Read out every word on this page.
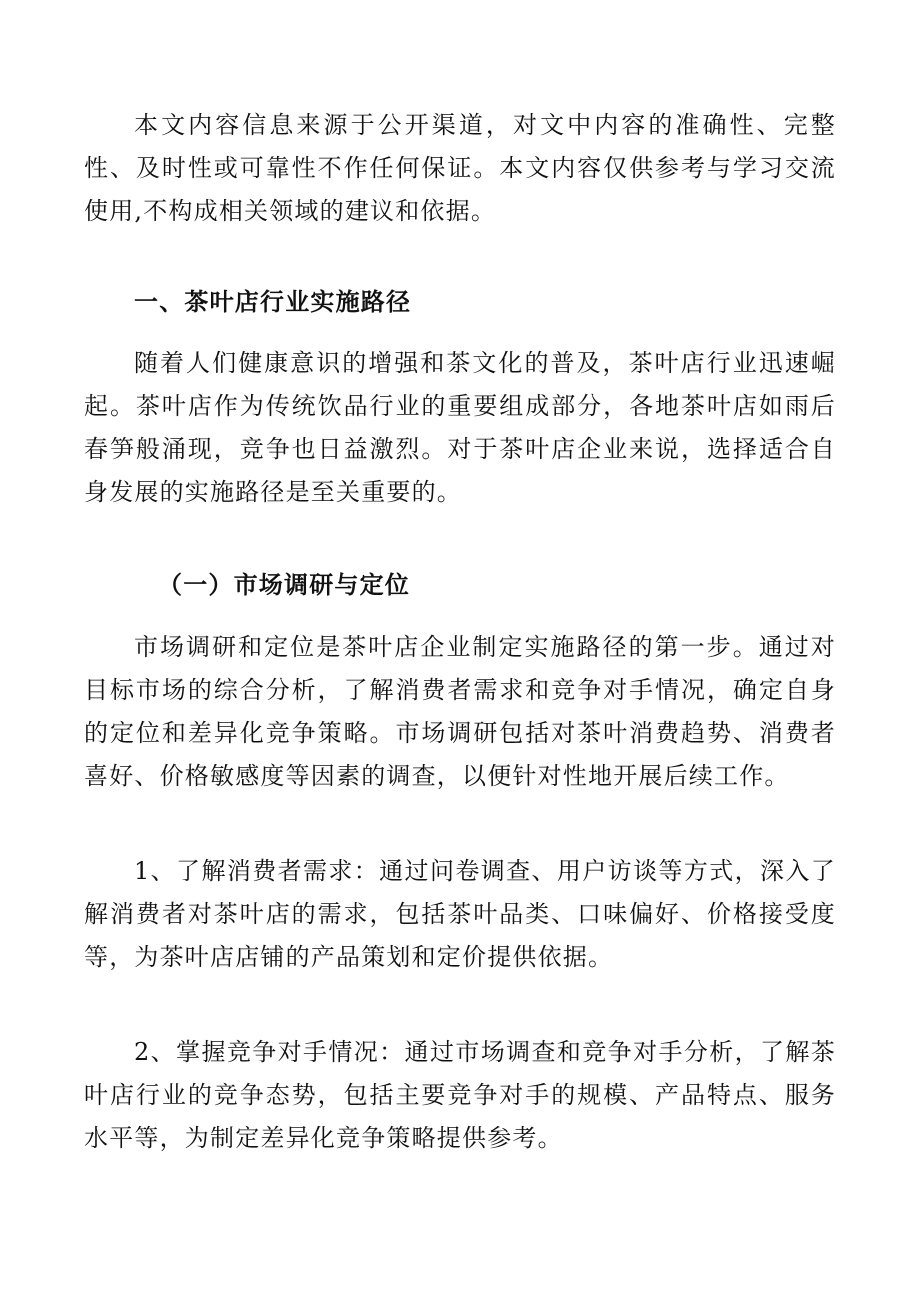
本文内容信息来源于公开渠道，对文中内容的准确性、完整性、及时性或可靠性不作任何保证。本文内容仅供参考与学习交流使用,不构成相关领域的建议和依据。

一、茶叶店行业实施路径

随着人们健康意识的增强和茶文化的普及，茶叶店行业迅速崛起。茶叶店作为传统饮品行业的重要组成部分，各地茶叶店如雨后春笋般涌现，竞争也日益激烈。对于茶叶店企业来说，选择适合自身发展的实施路径是至关重要的。

（一）市场调研与定位

市场调研和定位是茶叶店企业制定实施路径的第一步。通过对目标市场的综合分析，了解消费者需求和竞争对手情况，确定自身的定位和差异化竞争策略。市场调研包括对茶叶消费趋势、消费者喜好、价格敏感度等因素的调查，以便针对性地开展后续工作。

1、了解消费者需求：通过问卷调查、用户访谈等方式，深入了解消费者对茶叶店的需求，包括茶叶品类、口味偏好、价格接受度等，为茶叶店店铺的产品策划和定价提供依据。

2、掌握竞争对手情况：通过市场调查和竞争对手分析，了解茶叶店行业的竞争态势，包括主要竞争对手的规模、产品特点、服务水平等，为制定差异化竞争策略提供参考。
